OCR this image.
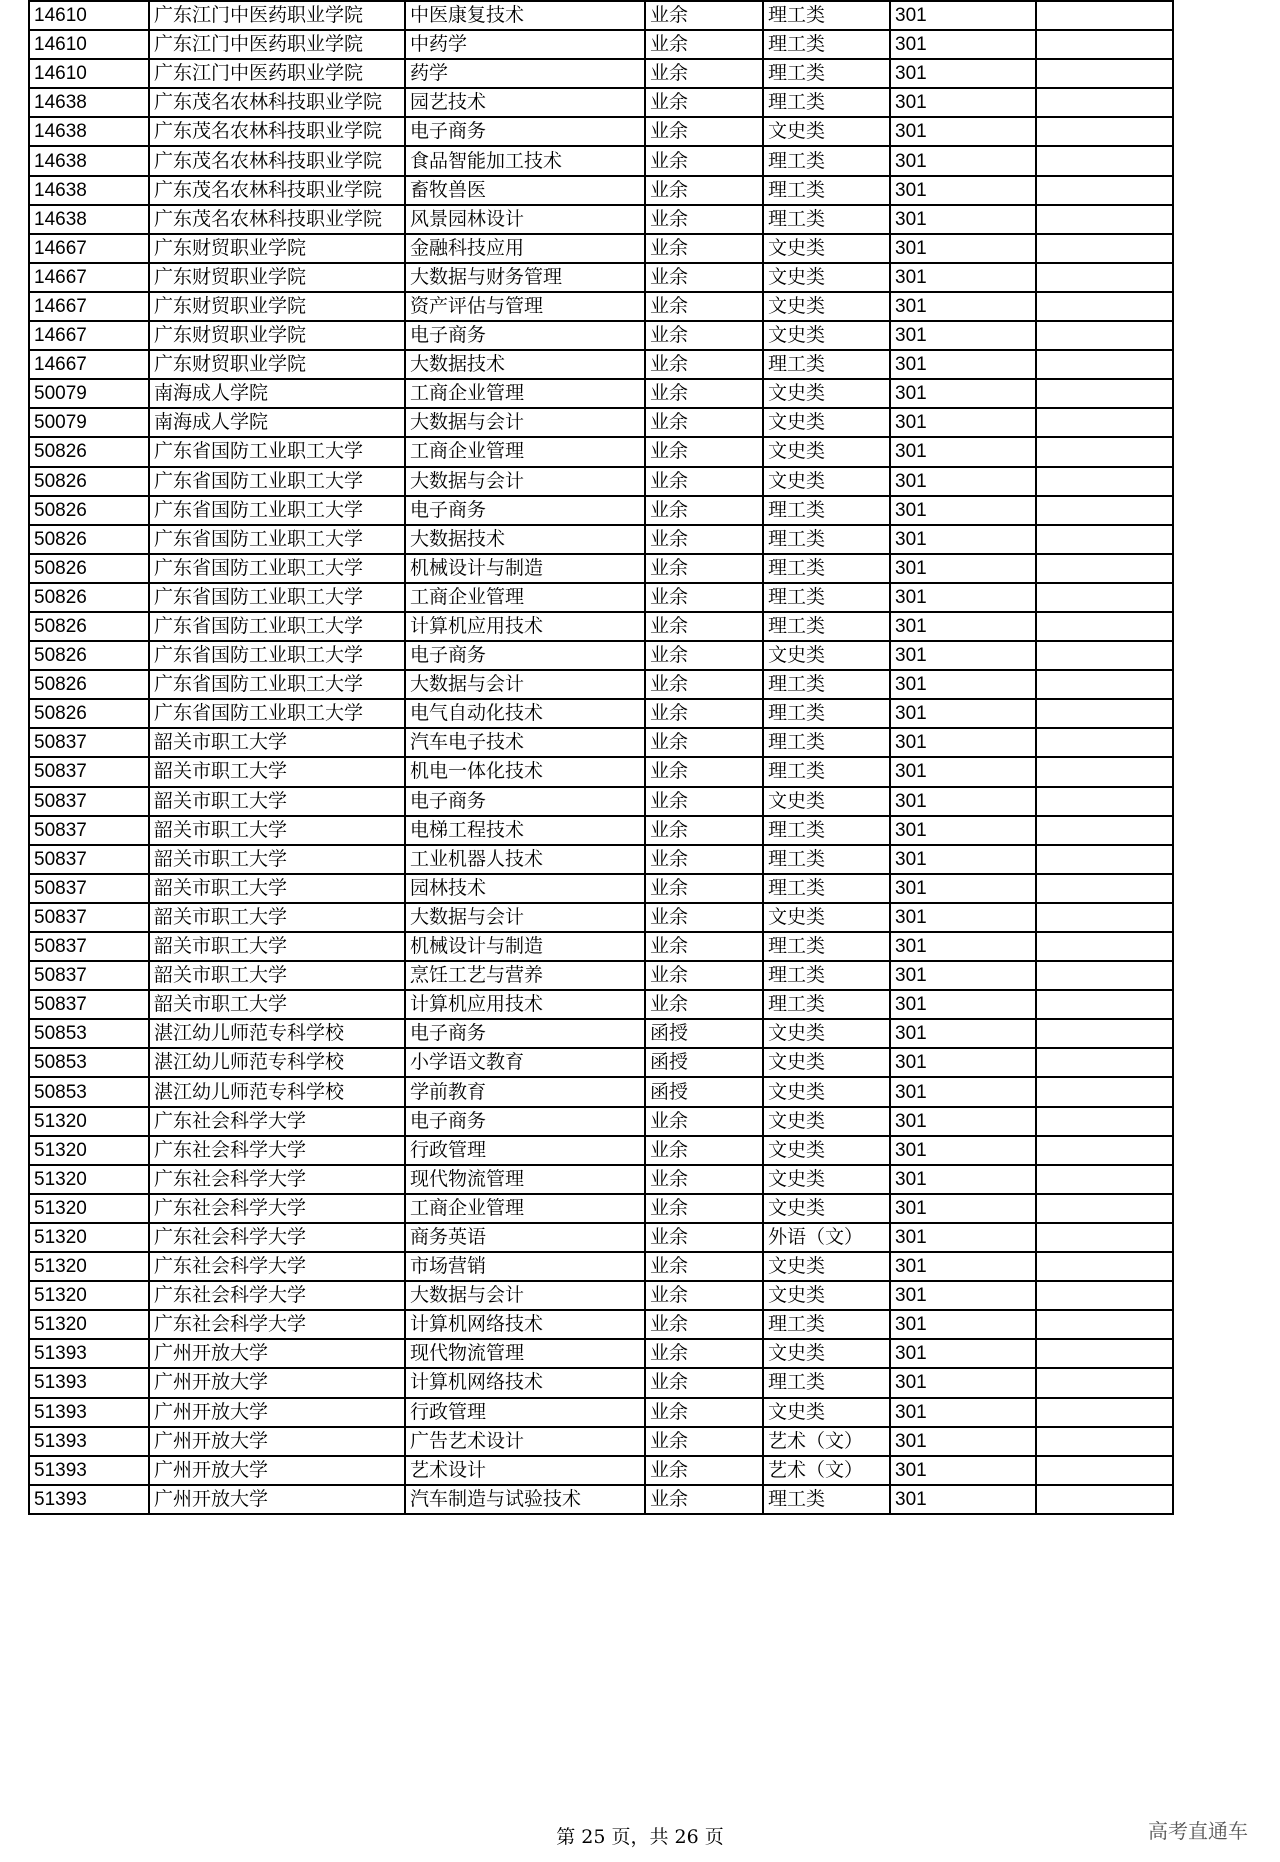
14610	广东江门中医药职业学院	中医康复技术	业余	理工类	301	
14610	广东江门中医药职业学院	中药学	业余	理工类	301	
14610	广东江门中医药职业学院	药学	业余	理工类	301	
14638	广东茂名农林科技职业学院	园艺技术	业余	理工类	301	
14638	广东茂名农林科技职业学院	电子商务	业余	文史类	301	
14638	广东茂名农林科技职业学院	食品智能加工技术	业余	理工类	301	
14638	广东茂名农林科技职业学院	畜牧兽医	业余	理工类	301	
14638	广东茂名农林科技职业学院	风景园林设计	业余	理工类	301	
14667	广东财贸职业学院	金融科技应用	业余	文史类	301	
14667	广东财贸职业学院	大数据与财务管理	业余	文史类	301	
14667	广东财贸职业学院	资产评估与管理	业余	文史类	301	
14667	广东财贸职业学院	电子商务	业余	文史类	301	
14667	广东财贸职业学院	大数据技术	业余	理工类	301	
50079	南海成人学院	工商企业管理	业余	文史类	301	
50079	南海成人学院	大数据与会计	业余	文史类	301	
50826	广东省国防工业职工大学	工商企业管理	业余	文史类	301	
50826	广东省国防工业职工大学	大数据与会计	业余	文史类	301	
50826	广东省国防工业职工大学	电子商务	业余	理工类	301	
50826	广东省国防工业职工大学	大数据技术	业余	理工类	301	
50826	广东省国防工业职工大学	机械设计与制造	业余	理工类	301	
50826	广东省国防工业职工大学	工商企业管理	业余	理工类	301	
50826	广东省国防工业职工大学	计算机应用技术	业余	理工类	301	
50826	广东省国防工业职工大学	电子商务	业余	文史类	301	
50826	广东省国防工业职工大学	大数据与会计	业余	理工类	301	
50826	广东省国防工业职工大学	电气自动化技术	业余	理工类	301	
50837	韶关市职工大学	汽车电子技术	业余	理工类	301	
50837	韶关市职工大学	机电一体化技术	业余	理工类	301	
50837	韶关市职工大学	电子商务	业余	文史类	301	
50837	韶关市职工大学	电梯工程技术	业余	理工类	301	
50837	韶关市职工大学	工业机器人技术	业余	理工类	301	
50837	韶关市职工大学	园林技术	业余	理工类	301	
50837	韶关市职工大学	大数据与会计	业余	文史类	301	
50837	韶关市职工大学	机械设计与制造	业余	理工类	301	
50837	韶关市职工大学	烹饪工艺与营养	业余	理工类	301	
50837	韶关市职工大学	计算机应用技术	业余	理工类	301	
50853	湛江幼儿师范专科学校	电子商务	函授	文史类	301	
50853	湛江幼儿师范专科学校	小学语文教育	函授	文史类	301	
50853	湛江幼儿师范专科学校	学前教育	函授	文史类	301	
51320	广东社会科学大学	电子商务	业余	文史类	301	
51320	广东社会科学大学	行政管理	业余	文史类	301	
51320	广东社会科学大学	现代物流管理	业余	文史类	301	
51320	广东社会科学大学	工商企业管理	业余	文史类	301	
51320	广东社会科学大学	商务英语	业余	外语（文）	301	
51320	广东社会科学大学	市场营销	业余	文史类	301	
51320	广东社会科学大学	大数据与会计	业余	文史类	301	
51320	广东社会科学大学	计算机网络技术	业余	理工类	301	
51393	广州开放大学	现代物流管理	业余	文史类	301	
51393	广州开放大学	计算机网络技术	业余	理工类	301	
51393	广州开放大学	行政管理	业余	文史类	301	
51393	广州开放大学	广告艺术设计	业余	艺术（文）	301	
51393	广州开放大学	艺术设计	业余	艺术（文）	301	
51393	广州开放大学	汽车制造与试验技术	业余	理工类	301	
第 25 页，共 26 页	高考直通车
